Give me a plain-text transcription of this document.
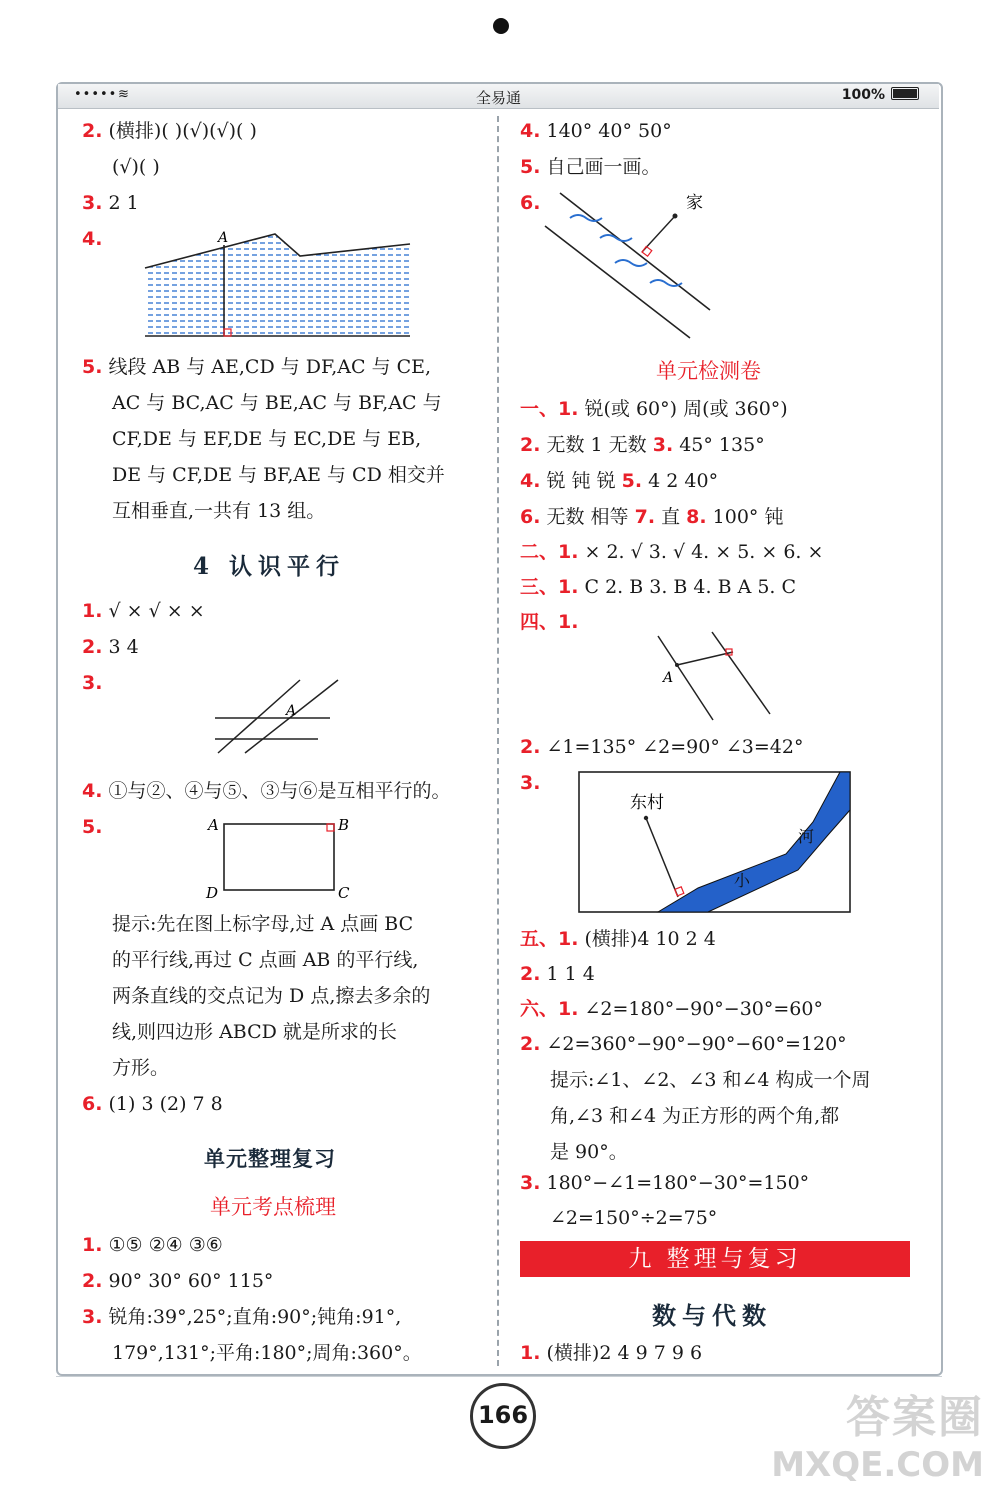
••••• ≋	全易通	100%
2. (横排)( )(√)(√)( )
(√)( )
3. 2 1
4.	A
5. 线段 AB 与 AE,CD 与 DF,AC 与 CE,
AC 与 BC,AC 与 BE,AC 与 BF,AC 与
CF,DE 与 EF,DE 与 EC,DE 与 EB,
DE 与 CF,DE 与 BF,AE 与 CD 相交并
互相垂直,一共有 13 组。
4 认识平行
1. √ × √ × ×
2. 3 4
3.
A
4. ①与②、④与⑤、③与⑥是互相平行的。
5.	A	B
D	C
提示:先在图上标字母,过 A 点画 BC
的平行线,再过 C 点画 AB 的平行线,
两条直线的交点记为 D 点,擦去多余的
线,则四边形 ABCD 就是所求的长
方形。
6. (1) 3 (2) 7 8
单元整理复习
单元考点梳理
1. ①⑤ ②④ ③⑥
2. 90° 30° 60° 115°
3. 锐角:39°,25°;直角:90°;钝角:91°,
179°,131°;平角:180°;周角:360°。
4. 140° 40° 50°
5. 自己画一画。
6.	家
单元检测卷
一、1. 锐(或 60°) 周(或 360°)
2. 无数 1 无数 3. 45° 135°
4. 锐 钝 锐 5. 4 2 40°
6. 无数 相等 7. 直 8. 100° 钝
二、1. × 2. √ 3. √ 4. × 5. × 6. ×
三、1. C 2. B 3. B 4. B A 5. C
四、1.
A
2. ∠1=135° ∠2=90° ∠3=42°
3.
东村
小
河
五、1. (横排)4 10 2 4
2. 1 1 4
六、1. ∠2=180°−90°−30°=60°
2. ∠2=360°−90°−90°−60°=120°
提示:∠1、∠2、∠3 和∠4 构成一个周
角,∠3 和∠4 为正方形的两个角,都
是 90°。
3. 180°−∠1=180°−30°=150°
∠2=150°÷2=75°
九 整理与复习
数与代数
1. (横排)2 4 9 7 9 6
166	答案圈
MXQE.COM
